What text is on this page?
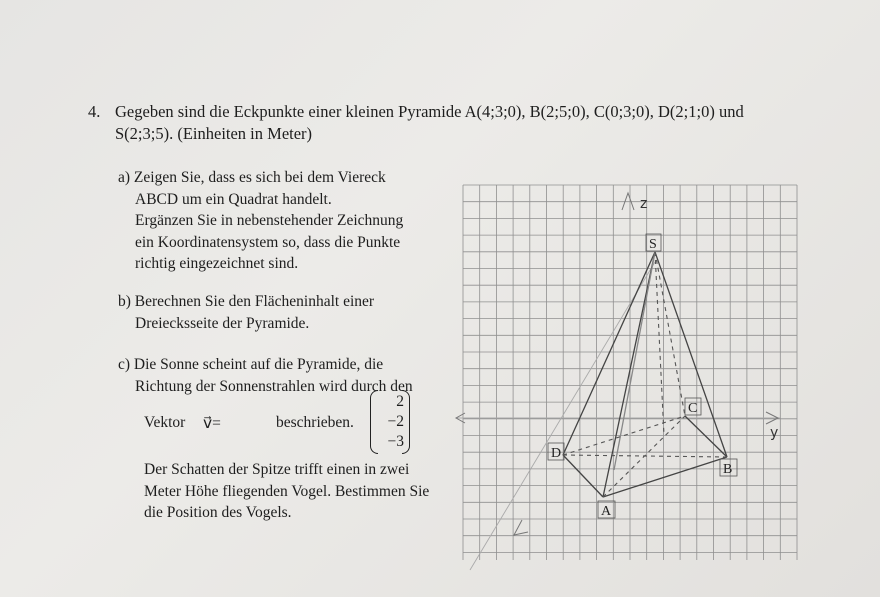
4. Gegeben sind die Eckpunkte einer kleinen Pyramide A(4;3;0), B(2;5;0), C(0;3;0), D(2;1;0) und
S(2;3;5). (Einheiten in Meter)
a) Zeigen Sie, dass es sich bei dem Viereck
ABCD um ein Quadrat handelt.
Ergänzen Sie in nebenstehender Zeichnung
ein Koordinatensystem so, dass die Punkte
richtig eingezeichnet sind.
b) Berechnen Sie den Flächeninhalt einer
Dreiecksseite der Pyramide.
c) Die Sonne scheint auf die Pyramide, die
Richtung der Sonnenstrahlen wird durch den
Vektor v⃗=
2
−2
−3
beschrieben.
Der Schatten der Spitze trifft einen in zwei
Meter Höhe fliegenden Vogel. Bestimmen Sie
die Position des Vogels.
z
y
S
C
D
B
A
